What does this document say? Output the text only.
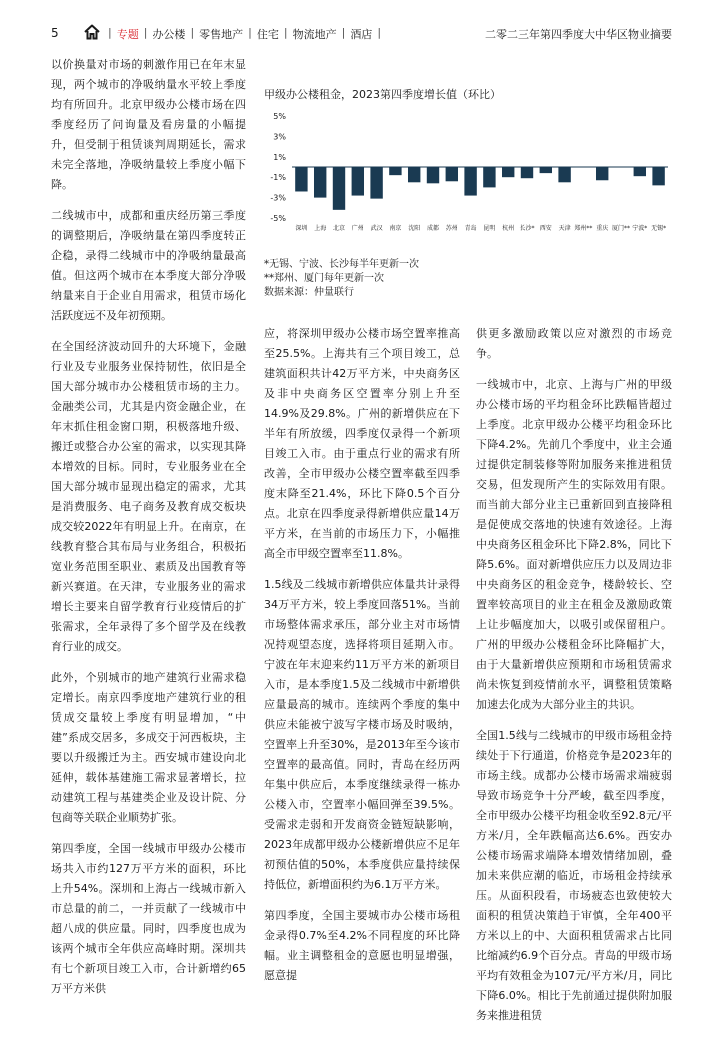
5	| 专题 | 办公楼 | 零售地产 | 住宅 | 物流地产 | 酒店 |	二零二三年第四季度大中华区物业摘要

以价换量对市场的刺激作用已在年末显现，两个城市的净吸纳量水平较上季度均有所回升。北京甲级办公楼市场在四季度经历了问询量及看房量的小幅提升，但受制于租赁谈判周期延长，需求未完全落地，净吸纳量较上季度小幅下降。

二线城市中，成都和重庆经历第三季度的调整期后，净吸纳量在第四季度转正企稳，录得二线城市中的净吸纳量最高值。但这两个城市在本季度大部分净吸纳量来自于企业自用需求，租赁市场化活跃度远不及年初预期。

在全国经济波动回升的大环境下，金融行业及专业服务业保持韧性，依旧是全国大部分城市办公楼租赁市场的主力。金融类公司，尤其是内资金融企业，在年末抓住租金窗口期，积极落地升级、搬迁或整合办公室的需求，以实现其降本增效的目标。同时，专业服务业在全国大部分城市显现出稳定的需求，尤其是消费服务、电子商务及教育成交板块成交较2022年有明显上升。在南京，在线教育整合其布局与业务组合，积极拓宽业务范围至职业、素质及出国教育等新兴赛道。在天津，专业服务业的需求增长主要来自留学教育行业疫情后的扩张需求，全年录得了多个留学及在线教育行业的成交。

此外，个别城市的地产建筑行业需求稳定增长。南京四季度地产建筑行业的租赁成交量较上季度有明显增加，“中建”系成交居多，多成交于河西板块，主要以升级搬迁为主。西安城市建设向北延伸，载体基建施工需求显著增长，拉动建筑工程与基建类企业及设计院、分包商等关联企业顺势扩张。

第四季度，全国一线城市甲级办公楼市场共入市约127万平方米的面积，环比上升54%。深圳和上海占一线城市新入市总量的前二，一并贡献了一线城市中超八成的供应量。同时，四季度也成为该两个城市全年供应高峰时期。深圳共有七个新项目竣工入市，合计新增约65万平方米供

甲级办公楼租金，2023第四季度增长值（环比）
5%
3%
1%
-1%
-3%
-5%
深圳 上海 北京 广州 武汉 南京 沈阳 成都 苏州 青岛 昆明 杭州 长沙* 西安 天津 郑州** 重庆 厦门** 宁波* 无锡*
*无锡、宁波、长沙每半年更新一次
**郑州、厦门每年更新一次
数据来源：仲量联行

应，将深圳甲级办公楼市场空置率推高至25.5%。上海共有三个项目竣工，总建筑面积共计42万平方米，中央商务区及非中央商务区空置率分别上升至14.9%及29.8%。广州的新增供应在下半年有所放缓，四季度仅录得一个新项目竣工入市。由于重点行业的需求有所改善，全市甲级办公楼空置率截至四季度末降至21.4%，环比下降0.5个百分点。北京在四季度录得新增供应量14万平方米，在当前的市场压力下，小幅推高全市甲级空置率至11.8%。

1.5线及二线城市新增供应体量共计录得34万平方米，较上季度回落51%。当前市场整体需求承压，部分业主对市场情况持观望态度，选择将项目延期入市。宁波在年末迎来约11万平方米的新项目入市，是本季度1.5及二线城市中新增供应量最高的城市。连续两个季度的集中供应未能被宁波写字楼市场及时吸纳，空置率上升至30%，是2013年至今该市空置率的最高值。同时，青岛在经历两年集中供应后，本季度继续录得一栋办公楼入市，空置率小幅回弹至39.5%。受需求走弱和开发商资金链短缺影响，2023年成都甲级办公楼新增供应不足年初预估值的50%，本季度供应量持续保持低位，新增面积约为6.1万平方米。

第四季度，全国主要城市办公楼市场租金录得0.7%至4.2%不同程度的环比降幅。业主调整租金的意愿也明显增强，愿意提

供更多激励政策以应对激烈的市场竞争。

一线城市中，北京、上海与广州的甲级办公楼市场的平均租金环比跌幅皆超过上季度。北京甲级办公楼平均租金环比下降4.2%。先前几个季度中，业主会通过提供定制装修等附加服务来推进租赁交易，但发现所产生的实际效用有限。而当前大部分业主已重新回到直接降租是促使成交落地的快速有效途径。上海中央商务区租金环比下降2.8%，同比下降5.6%。面对新增供应压力以及周边非中央商务区的租金竞争，楼龄较长、空置率较高项目的业主在租金及激励政策上让步幅度加大，以吸引或保留租户。广州的甲级办公楼租金环比降幅扩大，由于大量新增供应预期和市场租赁需求尚未恢复到疫情前水平，调整租赁策略加速去化成为大部分业主的共识。

全国1.5线与二线城市的甲级市场租金持续处于下行通道，价格竞争是2023年的市场主线。成都办公楼市场需求端疲弱导致市场竞争十分严峻，截至四季度，全市甲级办公楼平均租金收至92.8元/平方米/月，全年跌幅高达6.6%。西安办公楼市场需求端降本增效情绪加剧，叠加未来供应潮的临近，市场租金持续承压。从面积段看，市场疲态也致使较大面积的租赁决策趋于审慎，全年400平方米以上的中、大面积租赁需求占比同比缩减约6.9个百分点。青岛的甲级市场平均有效租金为107元/平方米/月，同比下降6.0%。相比于先前通过提供附加服务来推进租赁
